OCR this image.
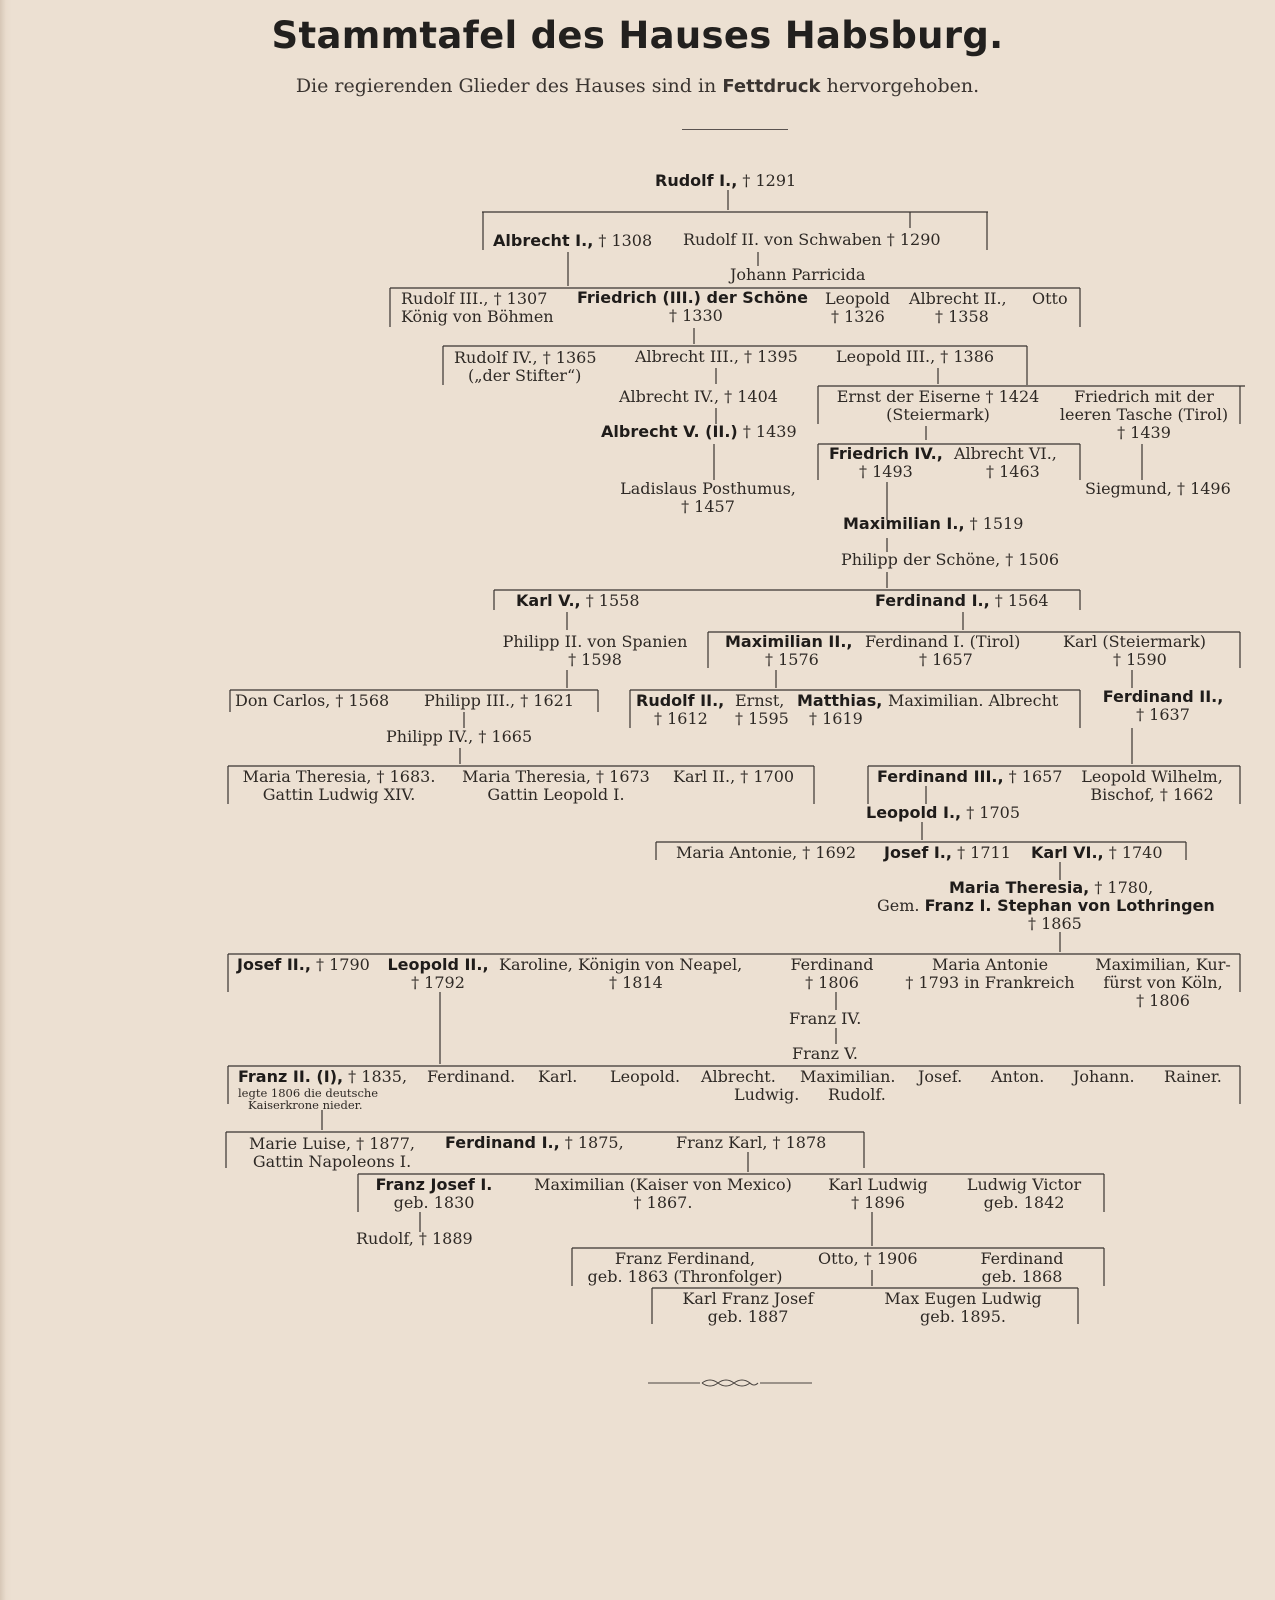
Stammtafel des Hauses Habsburg.
Die regierenden Glieder des Hauses sind in Fettdruck hervorgehoben.
Rudolf I., † 1291
Albrecht I., † 1308 Rudolf II. von Schwaben † 1290
Johann Parricida
Rudolf III., † 1307
König von Böhmen
Friedrich (III.) der Schöne
† 1330
Leopold
† 1326
Albrecht II.,
† 1358
Otto
Rudolf IV., † 1365
(„der Stifter“)
Albrecht III., † 1395 Leopold III., † 1386
Albrecht IV., † 1404	Ernst der Eiserne † 1424
(Steiermark)
Friedrich mit der
leeren Tasche (Tirol)
† 1439
Albrecht V. (II.) † 1439
Friedrich IV.,
† 1493
Albrecht VI.,
† 1463
Ladislaus Posthumus,
† 1457
Siegmund, † 1496
Maximilian I., † 1519
Philipp der Schöne, † 1506
Karl V., † 1558	Ferdinand I., † 1564
Philipp II. von Spanien
† 1598
Maximilian II.,
† 1576
Ferdinand I. (Tirol)
† 1657
Karl (Steiermark)
† 1590
Don Carlos, † 1568 Philipp III., † 1621	Rudolf II.,
† 1612
Ernst,
† 1595
Matthias,
† 1619
Maximilian. Albrecht	Ferdinand II.,
† 1637
Philipp IV., † 1665
Maria Theresia, † 1683.
Gattin Ludwig XIV.
Maria Theresia, † 1673
Gattin Leopold I.
Karl II., † 1700	Ferdinand III., † 1657	Leopold Wilhelm,
Bischof, † 1662
Leopold I., † 1705
Maria Antonie, † 1692 Josef I., † 1711 Karl VI., † 1740
Maria Theresia, † 1780,
Gem. Franz I. Stephan von Lothringen
† 1865
Josef II., † 1790	Leopold II.,
† 1792
Karoline, Königin von Neapel,
† 1814
Ferdinand
† 1806
Maria Antonie
† 1793 in Frankreich
Maximilian, Kur-
fürst von Köln,
† 1806
Franz IV.
Franz V.
Franz II. (I), † 1835,
legte 1806 die deutsche
Kaiserkrone nieder.
Ferdinand. Karl. Leopold. Albrecht.
Ludwig.
Maximilian.
Rudolf.
Josef. Anton. Johann. Rainer.
Marie Luise, † 1877,
Gattin Napoleons I.
Ferdinand I., † 1875,	Franz Karl, † 1878
Franz Josef I.
geb. 1830
Maximilian (Kaiser von Mexico)
† 1867.
Karl Ludwig
† 1896
Ludwig Victor
geb. 1842
Rudolf, † 1889
Franz Ferdinand,
geb. 1863 (Thronfolger)
Otto, † 1906	Ferdinand
geb. 1868
Karl Franz Josef
geb. 1887
Max Eugen Ludwig
geb. 1895.
